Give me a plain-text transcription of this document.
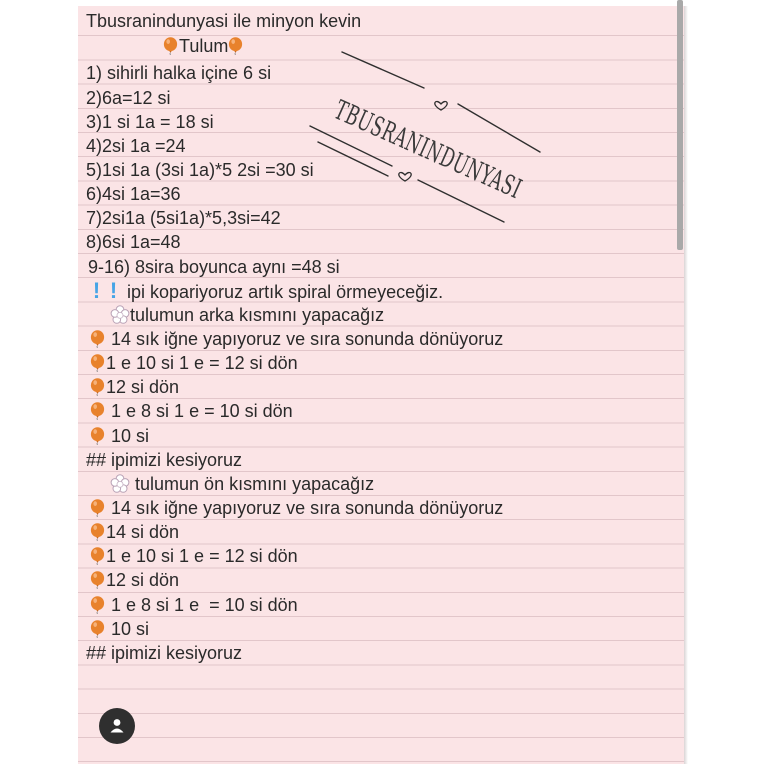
TBUSRANINDUNYASI
Tbusranindunyasi ile minyon kevin
Tulum
1) sihirli halka içine 6 si
2)6a=12 si
3)1 si 1a = 18 si
4)2si 1a =24
5)1si 1a (3si 1a)*5 2si =30 si
6)4si 1a=36
7)2si1a (5si1a)*5,3si=42
8)6si 1a=48
9-16) 8sira boyunca aynı =48 si
! ! ipi kopariyoruz artık spiral örmeyeceğiz.
tulumun arka kısmını yapacağız
14 sık iğne yapıyoruz ve sıra sonunda dönüyoruz
1 e 10 si 1 e = 12 si dön
12 si dön
1 e 8 si 1 e = 10 si dön
10 si
## ipimizi kesiyoruz
tulumun ön kısmını yapacağız
14 sık iğne yapıyoruz ve sıra sonunda dönüyoruz
14 si dön
1 e 10 si 1 e = 12 si dön
12 si dön
1 e 8 si 1 e  = 10 si dön
10 si
## ipimizi kesiyoruz
